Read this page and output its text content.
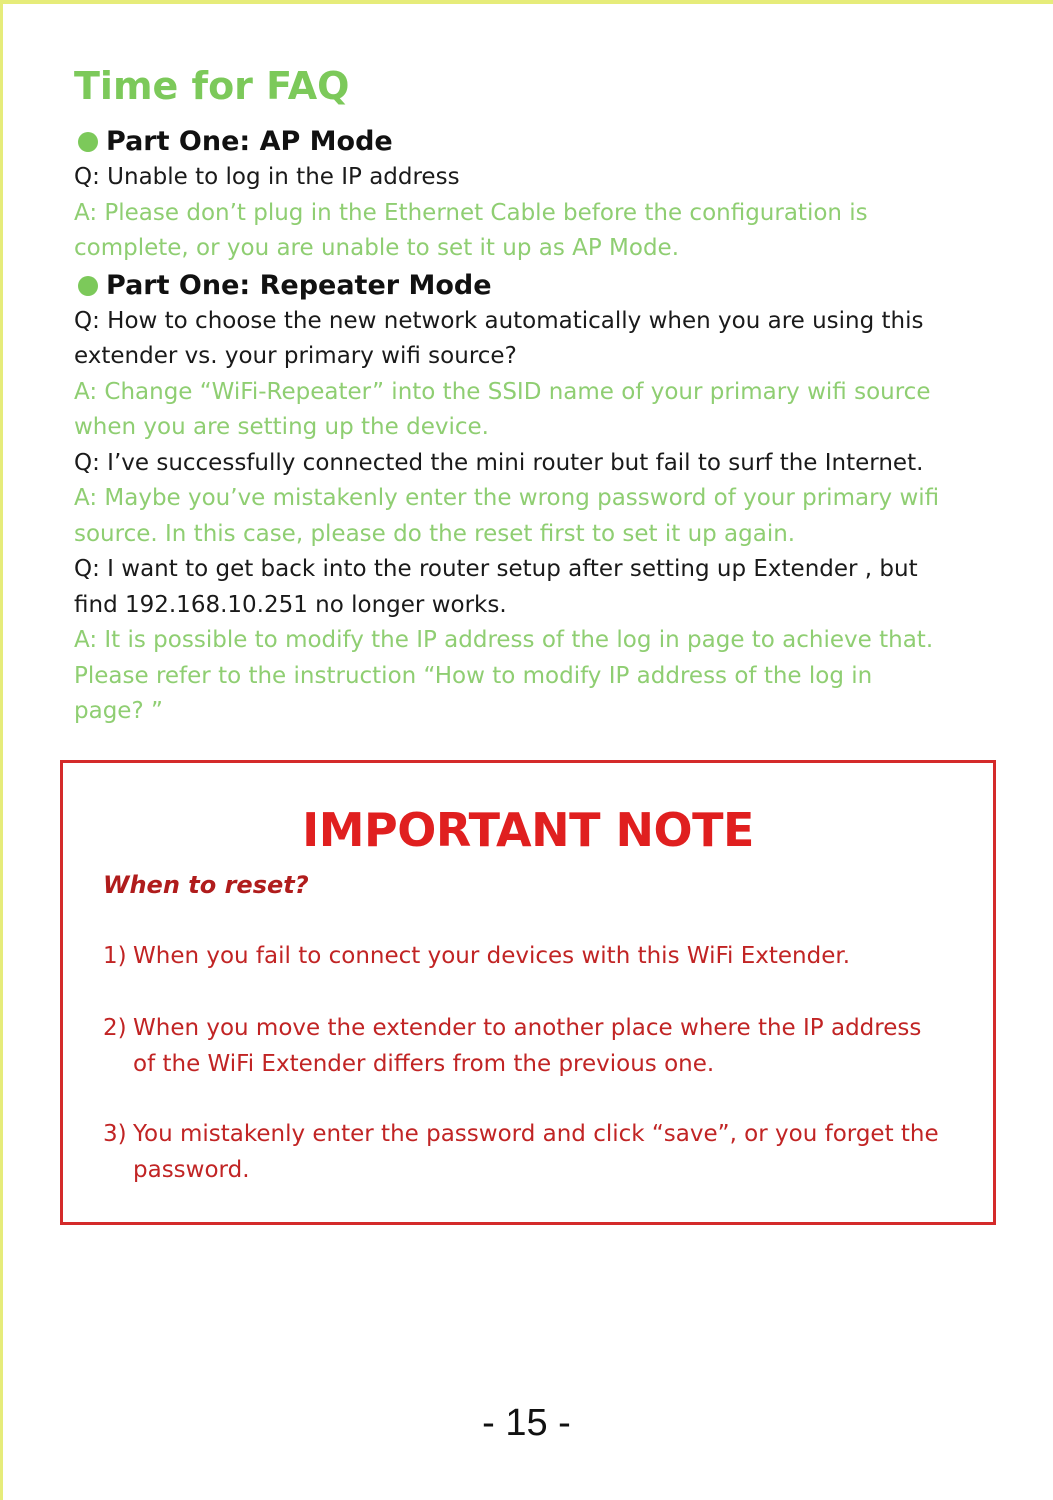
Time for FAQ
Part One: AP Mode
Q: Unable to log in the IP address
A: Please don’t plug in the Ethernet Cable before the configuration is
complete, or you are unable to set it up as AP Mode.
Part One: Repeater Mode
Q: How to choose the new network automatically when you are using this
extender vs. your primary wifi source?
A: Change “WiFi-Repeater” into the SSID name of your primary wifi source
when you are setting up the device.
Q: I’ve successfully connected the mini router but fail to surf the Internet.
A: Maybe you’ve mistakenly enter the wrong password of your primary wifi
source. In this case, please do the reset first to set it up again.
Q: I want to get back into the router setup after setting up Extender , but
find 192.168.10.251 no longer works.
A: It is possible to modify the IP address of the log in page to achieve that.
Please refer to the instruction “How to modify IP address of the log in
page? ”
IMPORTANT NOTE
When to reset?
1) When you fail to connect your devices with this WiFi Extender.
2) When you move the extender to another place where the IP address
of the WiFi Extender differs from the previous one.
3) You mistakenly enter the password and click “save”, or you forget the
password.
- 15 -
